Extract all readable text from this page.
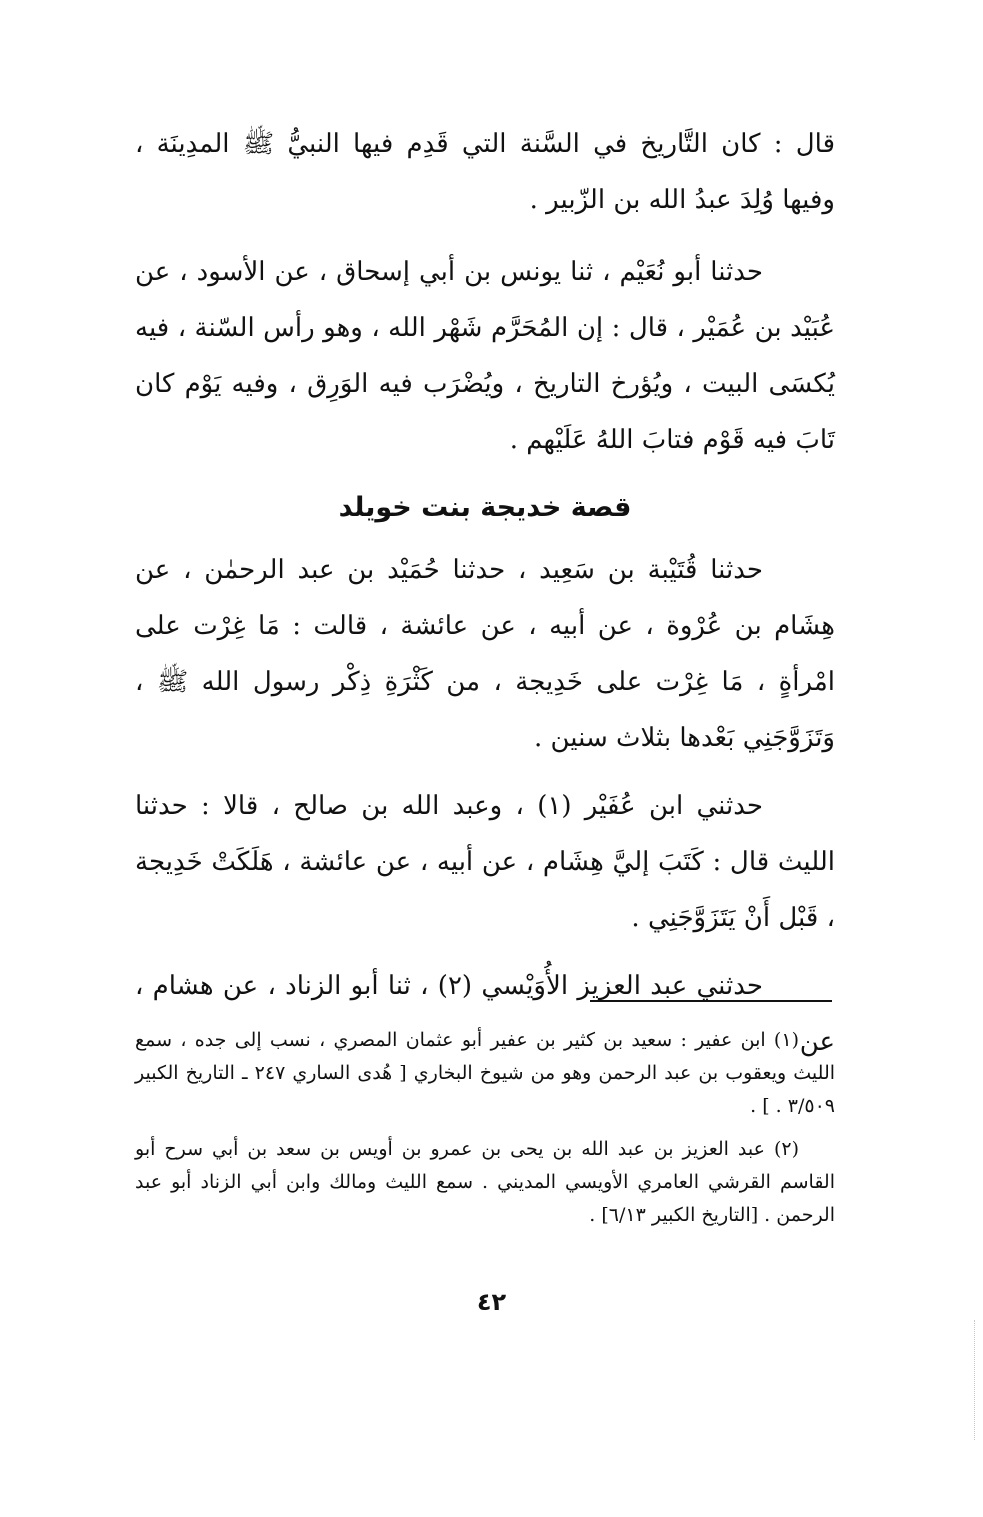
قال : كان التَّاريخ في السَّنة التي قَدِم فيها النبيُّ ﷺ المدِينَة ، وفيها وُلِدَ عبدُ الله بن الزّبير .

حدثنا أبو نُعَيْم ، ثنا يونس بن أبي إسحاق ، عن الأسود ، عن عُبَيْد بن عُمَيْر ، قال : إن المُحَرَّم شَهْر الله ، وهو رأس السّنة ، فيه يُكسَى البيت ، ويُؤرخ التاريخ ، ويُضْرَب فيه الوَرِق ، وفيه يَوْم كان تَابَ فيه قَوْم فتابَ اللهُ عَلَيْهم .

قصة خديجة بنت خويلد

حدثنا قُتَيْبة بن سَعِيد ، حدثنا حُمَيْد بن عبد الرحمٰن ، عن هِشَام بن عُرْوة ، عن أبيه ، عن عائشة ، قالت : مَا غِرْت على امْرأةٍ ، مَا غِرْت على خَدِيجة ، من كَثْرَةِ ذِكْر رسول الله ﷺ ، وَتَزَوَّجَنِي بَعْدها بثلاث سنين .

حدثني ابن عُفَيْر (١) ، وعبد الله بن صالح ، قالا : حدثنا الليث قال : كَتَبَ إليَّ هِشَام ، عن أبيه ، عن عائشة ، هَلَكَتْ خَدِيجة ، قَبْل أَنْ يَتَزَوَّجَنِي .

حدثني عبد العزيز الأُوَيْسي (٢) ، ثنا أبو الزناد ، عن هشام ، عن

(١) ابن عفير : سعيد بن كثير بن عفير أبو عثمان المصري ، نسب إلى جده ، سمع الليث ويعقوب بن عبد الرحمن وهو من شيوخ البخاري [ هُدى الساري ٢٤٧ ـ التاريخ الكبير ٣/٥٠٩ . ] .

(٢) عبد العزيز بن عبد الله بن يحى بن عمرو بن أويس بن سعد بن أبي سرح أبو القاسم القرشي العامري الأويسي المديني . سمع الليث ومالك وابن أبي الزناد أبو عبد الرحمن . [التاريخ الكبير ٦/١٣] .

٤٢
